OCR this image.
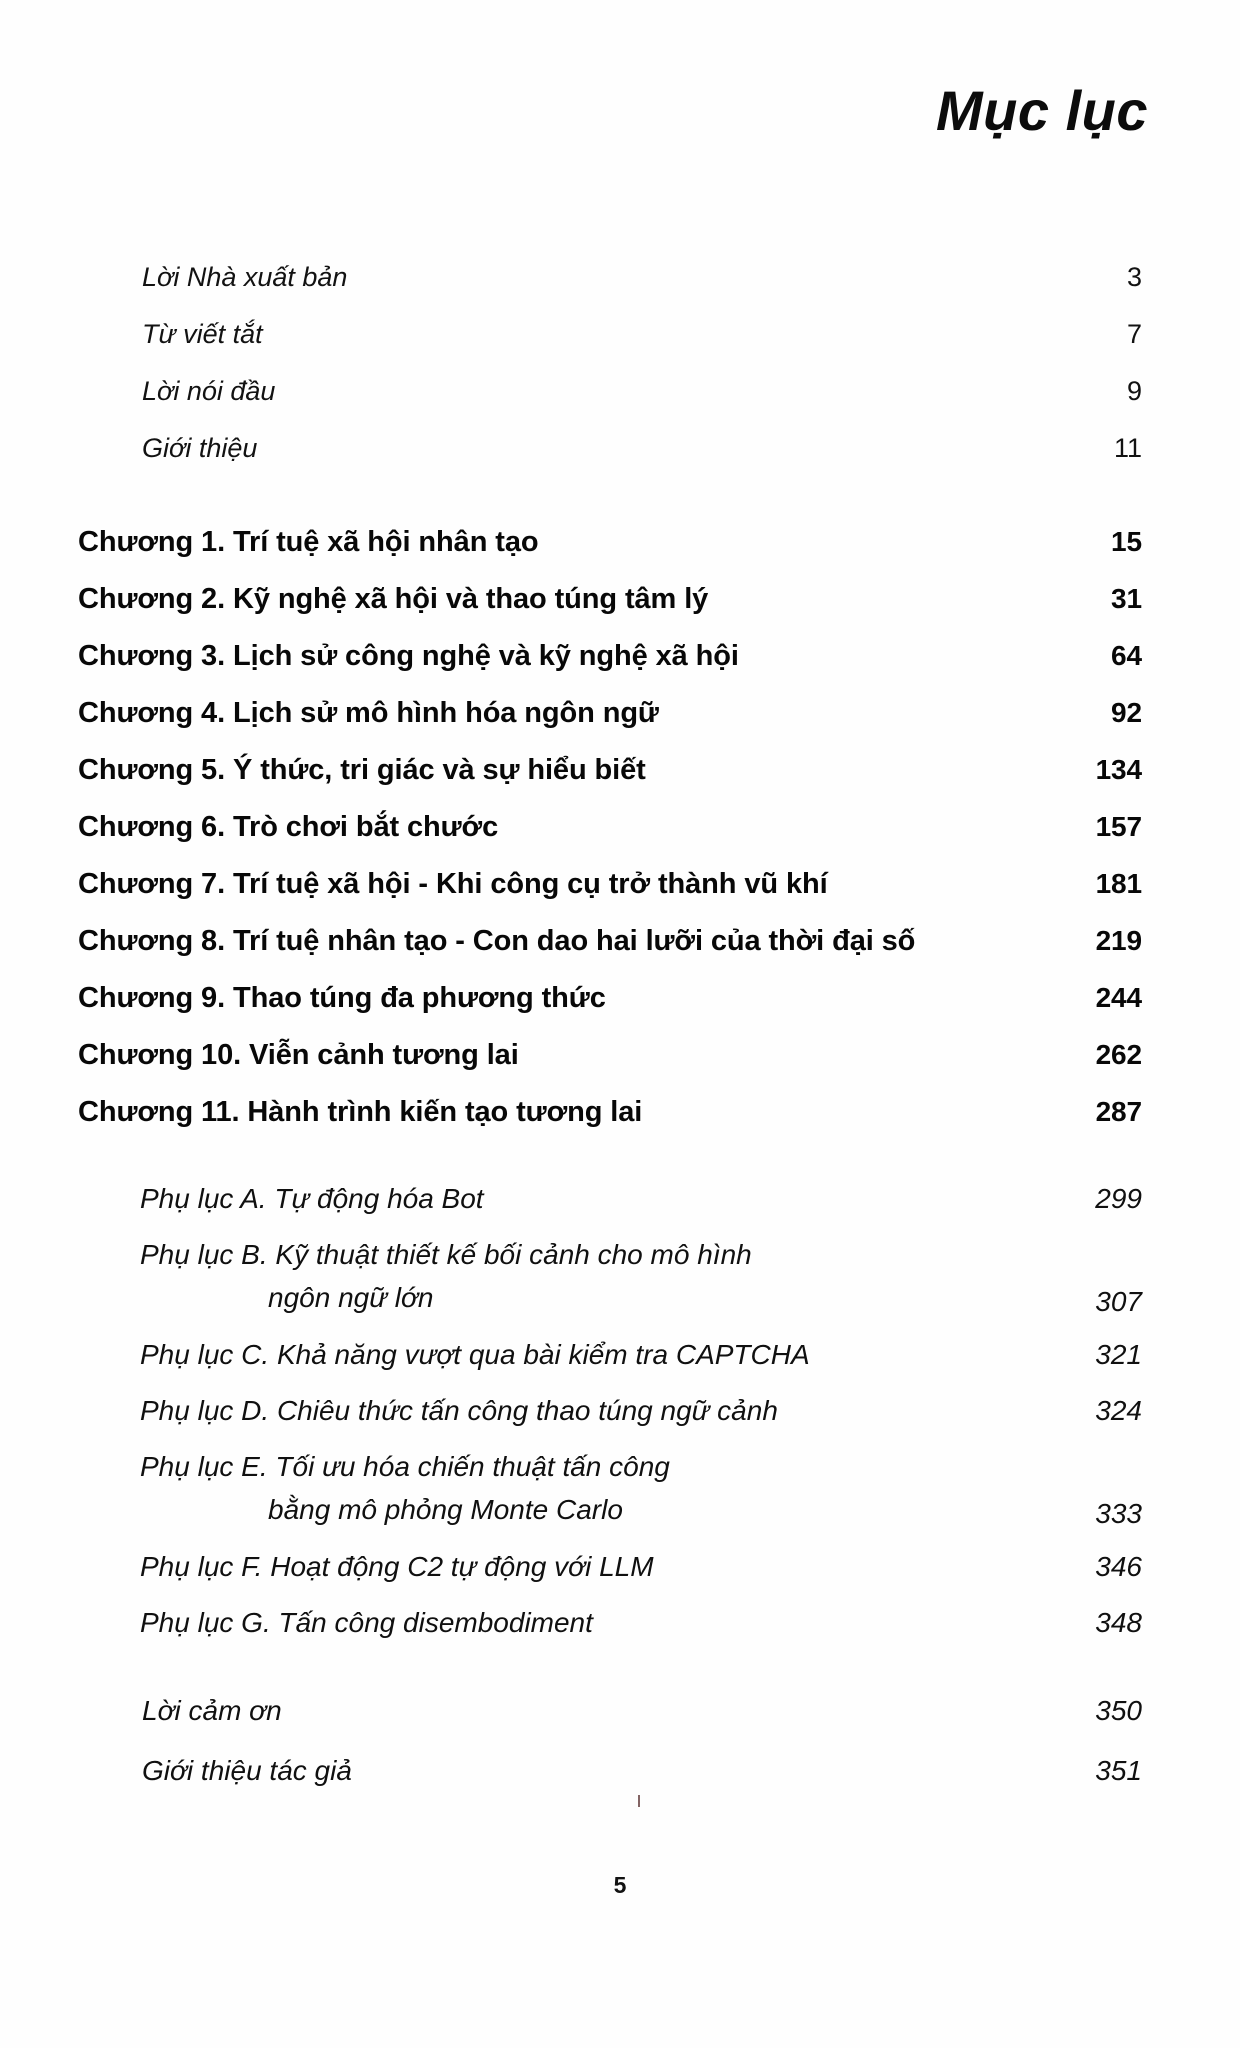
Mục lục
Lời Nhà xuất bản	3
Từ viết tắt	7
Lời nói đầu	9
Giới thiệu	11
Chương 1. Trí tuệ xã hội nhân tạo	15
Chương 2. Kỹ nghệ xã hội và thao túng tâm lý	31
Chương 3. Lịch sử công nghệ và kỹ nghệ xã hội	64
Chương 4. Lịch sử mô hình hóa ngôn ngữ	92
Chương 5. Ý thức, tri giác và sự hiểu biết	134
Chương 6. Trò chơi bắt chước	157
Chương 7. Trí tuệ xã hội - Khi công cụ trở thành vũ khí	181
Chương 8. Trí tuệ nhân tạo - Con dao hai lưỡi của thời đại số	219
Chương 9. Thao túng đa phương thức	244
Chương 10. Viễn cảnh tương lai	262
Chương 11. Hành trình kiến tạo tương lai	287
Phụ lục A. Tự động hóa Bot	299
Phụ lục B. Kỹ thuật thiết kế bối cảnh cho mô hình
ngôn ngữ lớn	307
Phụ lục C. Khả năng vượt qua bài kiểm tra CAPTCHA	321
Phụ lục D. Chiêu thức tấn công thao túng ngữ cảnh	324
Phụ lục E. Tối ưu hóa chiến thuật tấn công
bằng mô phỏng Monte Carlo	333
Phụ lục F. Hoạt động C2 tự động với LLM	346
Phụ lục G. Tấn công disembodiment	348
Lời cảm ơn	350
Giới thiệu tác giả	351
5
